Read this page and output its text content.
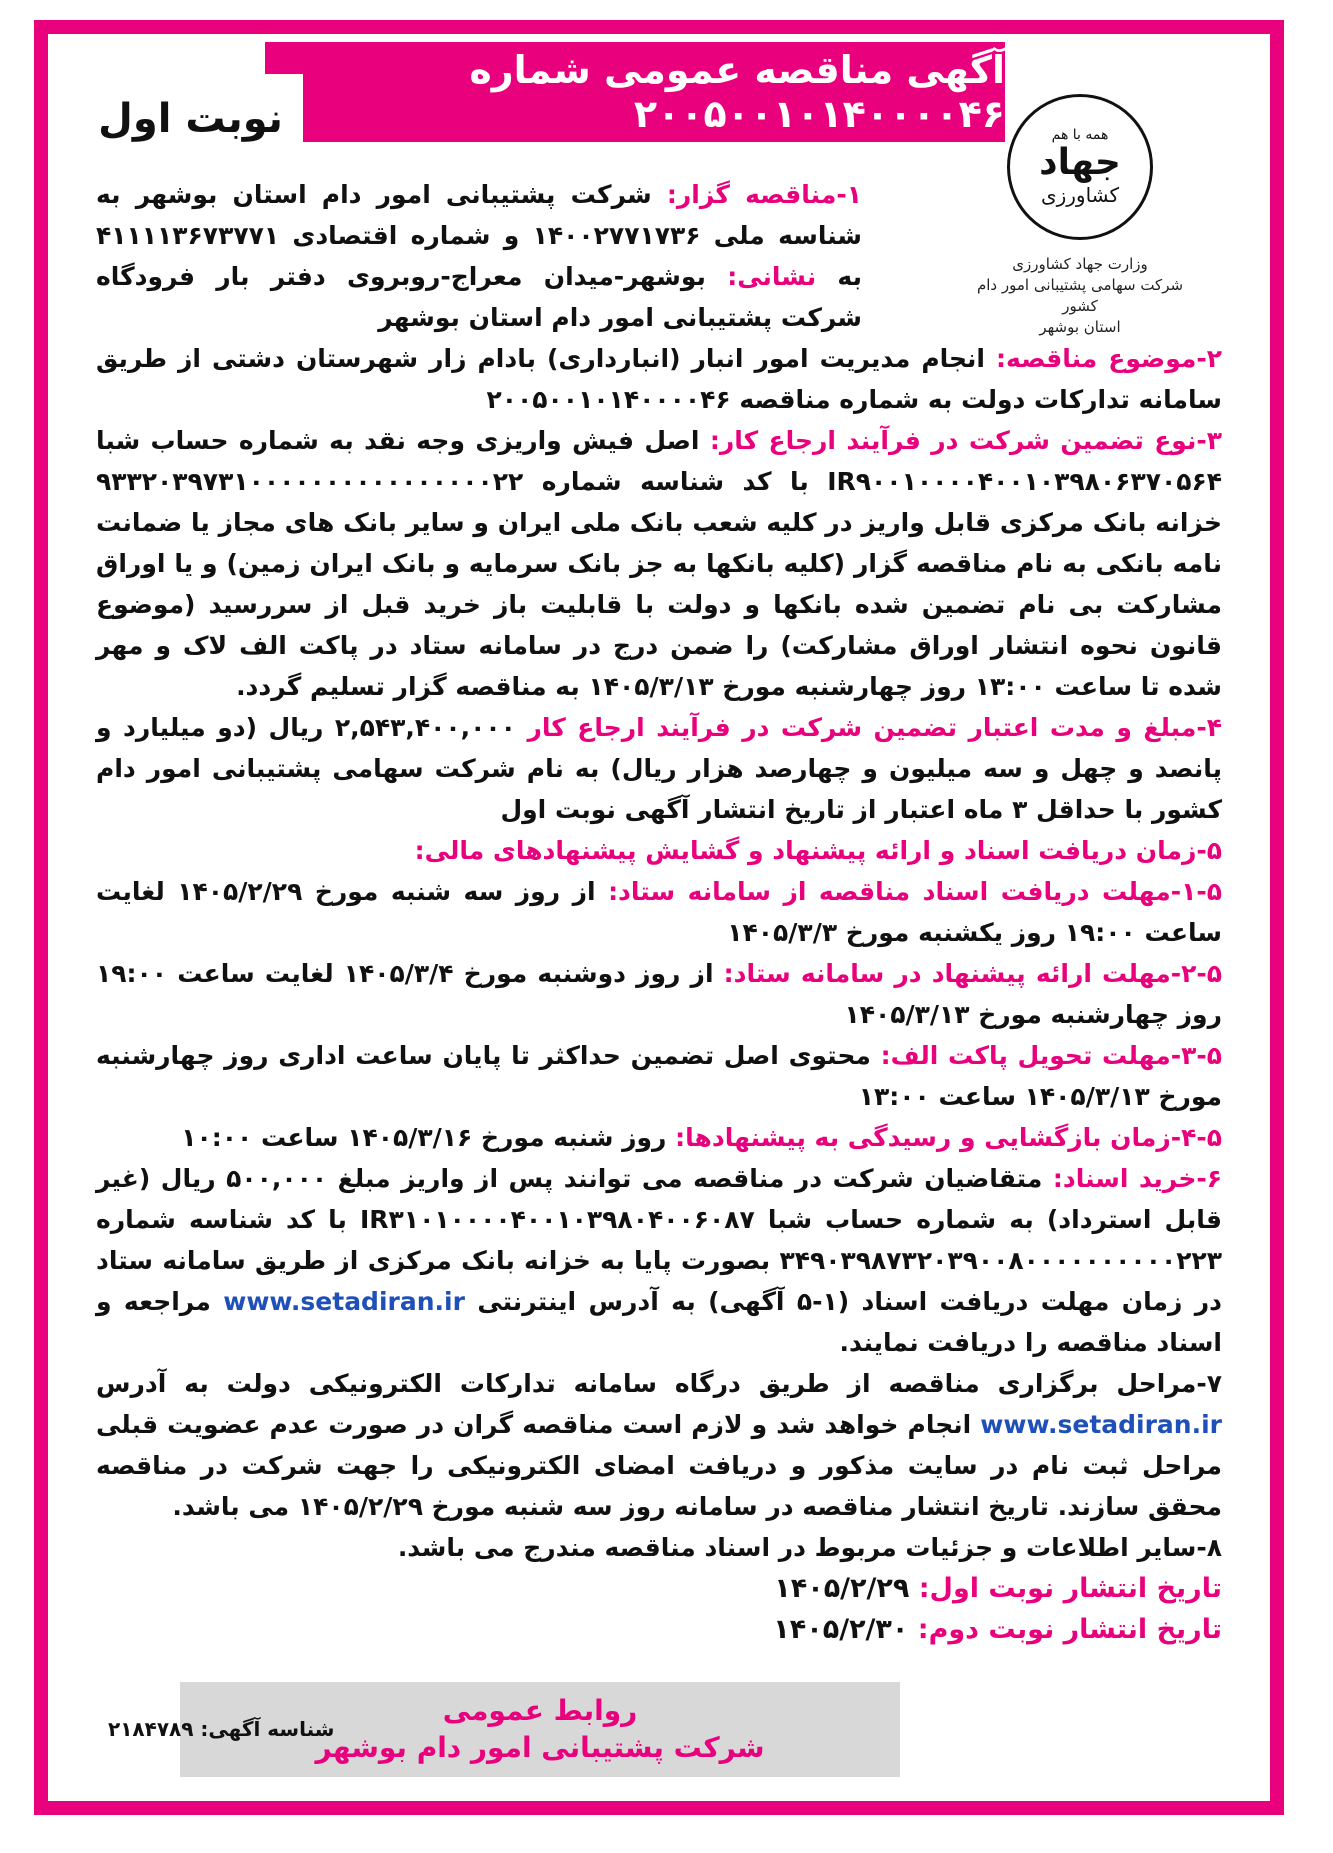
آگهی مناقصه عمومی شماره ۲۰۰۵۰۰۱۰۱۴۰۰۰۰۴۶
نوبت اول	همه با هم
جهاد
کشاورزی
وزارت جهاد کشاورزی
شرکت سهامی پشتیبانی امور دام کشور
استان بوشهر

۱-مناقصه گزار: شرکت پشتیبانی امور دام استان بوشهر به شناسه ملی ۱۴۰۰۲۷۷۱۷۳۶ و شماره اقتصادی ۴۱۱۱۱۳۶۷۳۷۷۱ به نشانی: بوشهر-میدان معراج-روبروی دفتر بار فرودگاه شرکت پشتیبانی امور دام استان بوشهر

۲-موضوع مناقصه: انجام مدیریت امور انبار (انبارداری) بادام زار شهرستان دشتی از طریق سامانه تدارکات دولت به شماره مناقصه ۲۰۰۵۰۰۱۰۱۴۰۰۰۰۴۶

۳-نوع تضمین شرکت در فرآیند ارجاع کار: اصل فیش واریزی وجه نقد به شماره حساب شبا IR۹۰۰۱۰۰۰۰۴۰۰۱۰۳۹۸۰۶۳۷۰۵۶۴ با کد شناسه شماره ۹۳۳۲۰۳۹۷۳۱۰۰۰۰۰۰۰۰۰۰۰۰۰۰۰۰۲۲ خزانه بانک مرکزی قابل واریز در کلیه شعب بانک ملی ایران و سایر بانک های مجاز یا ضمانت نامه بانکی به نام مناقصه گزار (کلیه بانکها به جز بانک سرمایه و بانک ایران زمین) و یا اوراق مشارکت بی نام تضمین شده بانکها و دولت با قابلیت باز خرید قبل از سررسید (موضوع قانون نحوه انتشار اوراق مشارکت) را ضمن درج در سامانه ستاد در پاکت الف لاک و مهر شده تا ساعت ۱۳:۰۰ روز چهارشنبه مورخ ۱۴۰۵/۳/۱۳ به مناقصه گزار تسلیم گردد.

۴-مبلغ و مدت اعتبار تضمین شرکت در فرآیند ارجاع کار ۲,۵۴۳,۴۰۰,۰۰۰ ریال (دو میلیارد و پانصد و چهل و سه میلیون و چهارصد هزار ریال) به نام شرکت سهامی پشتیبانی امور دام کشور با حداقل ۳ ماه اعتبار از تاریخ انتشار آگهی نوبت اول

۵-زمان دریافت اسناد و ارائه پیشنهاد و گشایش پیشنهادهای مالی:

۱-۵-مهلت دریافت اسناد مناقصه از سامانه ستاد: از روز سه شنبه مورخ ۱۴۰۵/۲/۲۹ لغایت ساعت ۱۹:۰۰ روز یکشنبه مورخ ۱۴۰۵/۳/۳

۲-۵-مهلت ارائه پیشنهاد در سامانه ستاد: از روز دوشنبه مورخ ۱۴۰۵/۳/۴ لغایت ساعت ۱۹:۰۰ روز چهارشنبه مورخ ۱۴۰۵/۳/۱۳

۳-۵-مهلت تحویل پاکت الف: محتوی اصل تضمین حداکثر تا پایان ساعت اداری روز چهارشنبه مورخ ۱۴۰۵/۳/۱۳ ساعت ۱۳:۰۰

۴-۵-زمان بازگشایی و رسیدگی به پیشنهادها: روز شنبه مورخ ۱۴۰۵/۳/۱۶ ساعت ۱۰:۰۰

۶-خرید اسناد: متقاضیان شرکت در مناقصه می توانند پس از واریز مبلغ ۵۰۰,۰۰۰ ریال (غیر قابل استرداد) به شماره حساب شبا IR۳۱۰۱۰۰۰۰۴۰۰۱۰۳۹۸۰۴۰۰۶۰۸۷ با کد شناسه شماره ۳۴۹۰۳۹۸۷۳۲۰۳۹۰۰۸۰۰۰۰۰۰۰۰۰۰۲۲۳ بصورت پایا به خزانه بانک مرکزی از طریق سامانه ستاد در زمان مهلت دریافت اسناد (۱-۵ آگهی) به آدرس اینترنتی www.setadiran.ir مراجعه و اسناد مناقصه را دریافت نمایند.

۷-مراحل برگزاری مناقصه از طریق درگاه سامانه تدارکات الکترونیکی دولت به آدرس www.setadiran.ir انجام خواهد شد و لازم است مناقصه گران در صورت عدم عضویت قبلی مراحل ثبت نام در سایت مذکور و دریافت امضای الکترونیکی را جهت شرکت در مناقصه محقق سازند. تاریخ انتشار مناقصه در سامانه روز سه شنبه مورخ ۱۴۰۵/۲/۲۹ می باشد.

۸-سایر اطلاعات و جزئیات مربوط در اسناد مناقصه مندرج می باشد.

تاریخ انتشار نوبت اول: ۱۴۰۵/۲/۲۹

تاریخ انتشار نوبت دوم: ۱۴۰۵/۲/۳۰

روابط عمومی
شرکت پشتیبانی امور دام بوشهر
شناسه آگهی: ۲۱۸۴۷۸۹
